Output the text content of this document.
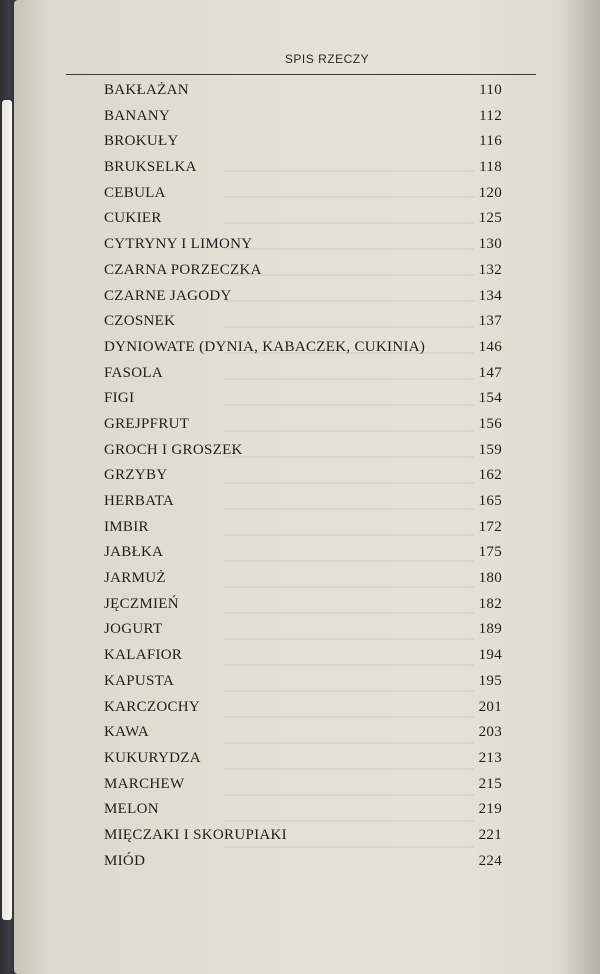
SPIS RZECZY
BAKŁAŻAN	110
BANANY	112
BROKUŁY	116
BRUKSELKA	118
CEBULA	120
CUKIER	125
CYTRYNY I LIMONY	130
CZARNA PORZECZKA	132
CZARNE JAGODY	134
CZOSNEK	137
DYNIOWATE (DYNIA, KABACZEK, CUKINIA)	146
FASOLA	147
FIGI	154
GREJPFRUT	156
GROCH I GROSZEK	159
GRZYBY	162
HERBATA	165
IMBIR	172
JABŁKA	175
JARMUŻ	180
JĘCZMIEŃ	182
JOGURT	189
KALAFIOR	194
KAPUSTA	195
KARCZOCHY	201
KAWA	203
KUKURYDZA	213
MARCHEW	215
MELON	219
MIĘCZAKI I SKORUPIAKI	221
MIÓD	224
